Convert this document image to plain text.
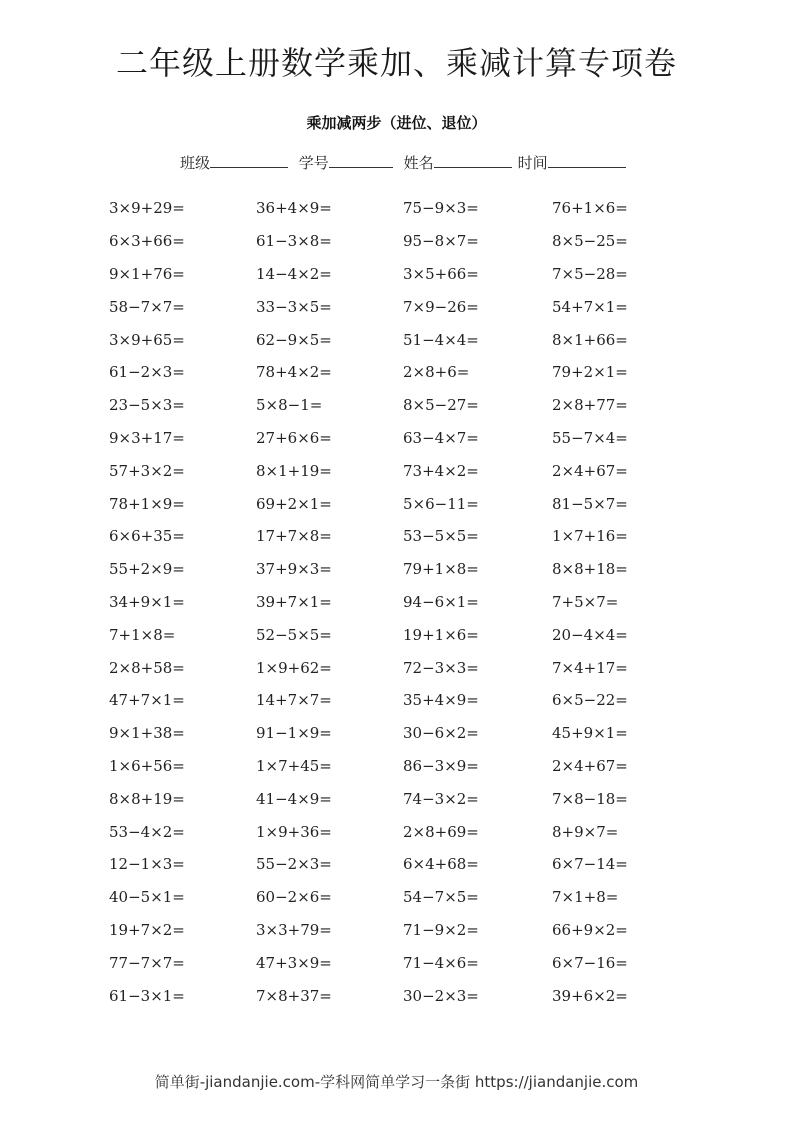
二年级上册数学乘加、乘减计算专项卷
乘加减两步（进位、退位）
班级	学号	姓名	时间
3×9+29=	36+4×9=	75−9×3=	76+1×6=
6×3+66=	61−3×8=	95−8×7=	8×5−25=
9×1+76=	14−4×2=	3×5+66=	7×5−28=
58−7×7=	33−3×5=	7×9−26=	54+7×1=
3×9+65=	62−9×5=	51−4×4=	8×1+66=
61−2×3=	78+4×2=	2×8+6=	79+2×1=
23−5×3=	5×8−1=	8×5−27=	2×8+77=
9×3+17=	27+6×6=	63−4×7=	55−7×4=
57+3×2=	8×1+19=	73+4×2=	2×4+67=
78+1×9=	69+2×1=	5×6−11=	81−5×7=
6×6+35=	17+7×8=	53−5×5=	1×7+16=
55+2×9=	37+9×3=	79+1×8=	8×8+18=
34+9×1=	39+7×1=	94−6×1=	7+5×7=
7+1×8=	52−5×5=	19+1×6=	20−4×4=
2×8+58=	1×9+62=	72−3×3=	7×4+17=
47+7×1=	14+7×7=	35+4×9=	6×5−22=
9×1+38=	91−1×9=	30−6×2=	45+9×1=
1×6+56=	1×7+45=	86−3×9=	2×4+67=
8×8+19=	41−4×9=	74−3×2=	7×8−18=
53−4×2=	1×9+36=	2×8+69=	8+9×7=
12−1×3=	55−2×3=	6×4+68=	6×7−14=
40−5×1=	60−2×6=	54−7×5=	7×1+8=
19+7×2=	3×3+79=	71−9×2=	66+9×2=
77−7×7=	47+3×9=	71−4×6=	6×7−16=
61−3×1=	7×8+37=	30−2×3=	39+6×2=
简单街-jiandanjie.com-学科网简单学习一条街 https://jiandanjie.com
